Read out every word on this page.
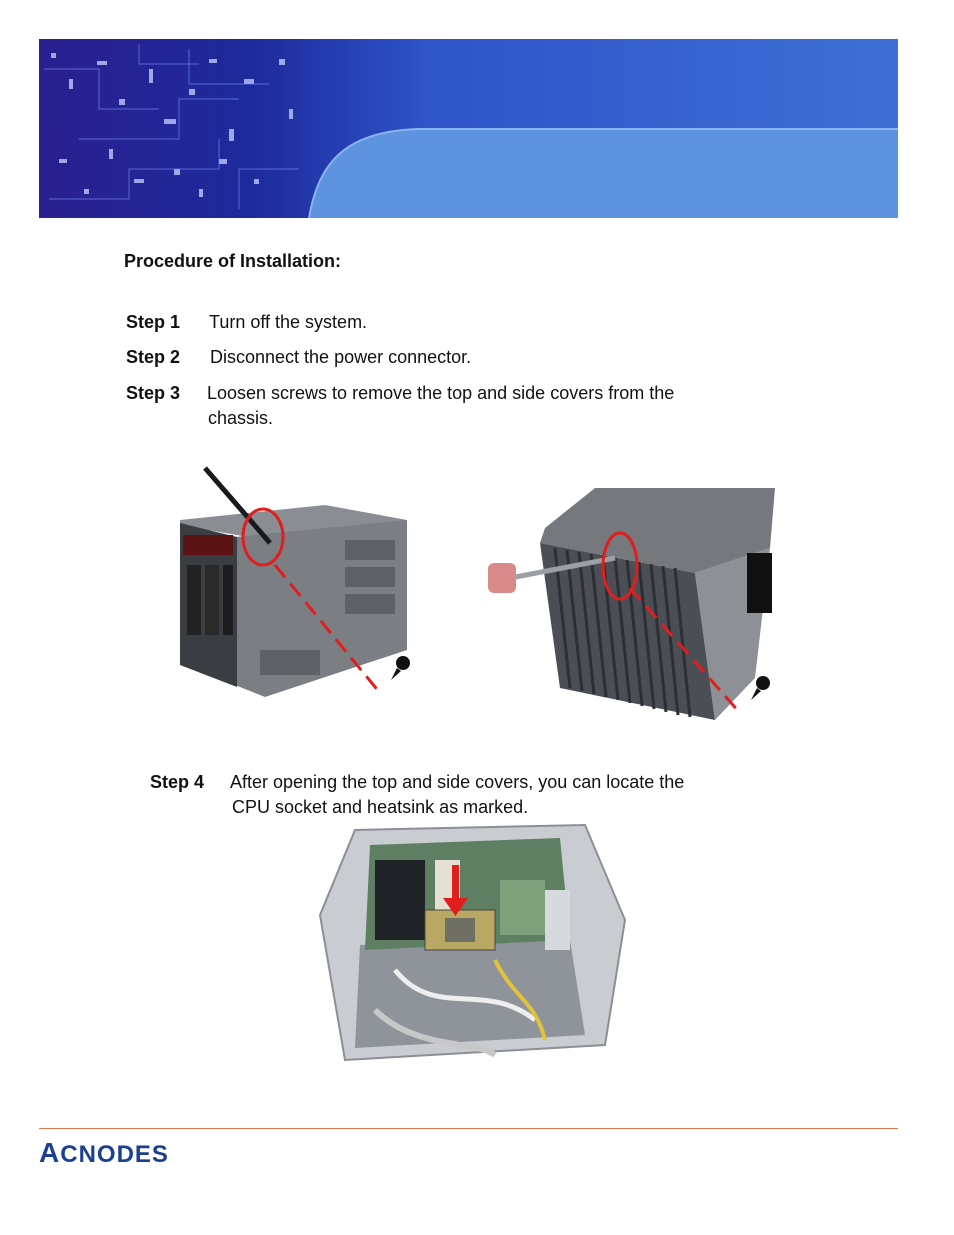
Procedure of Installation:
Step 1 Turn off the system.
Step 2 Disconnect the power connector.
Step 3 Loosen screws to remove the top and side covers from the
chassis.
Step 4 After opening the top and side covers, you can locate the
CPU socket and heatsink as marked.
ACNODES
